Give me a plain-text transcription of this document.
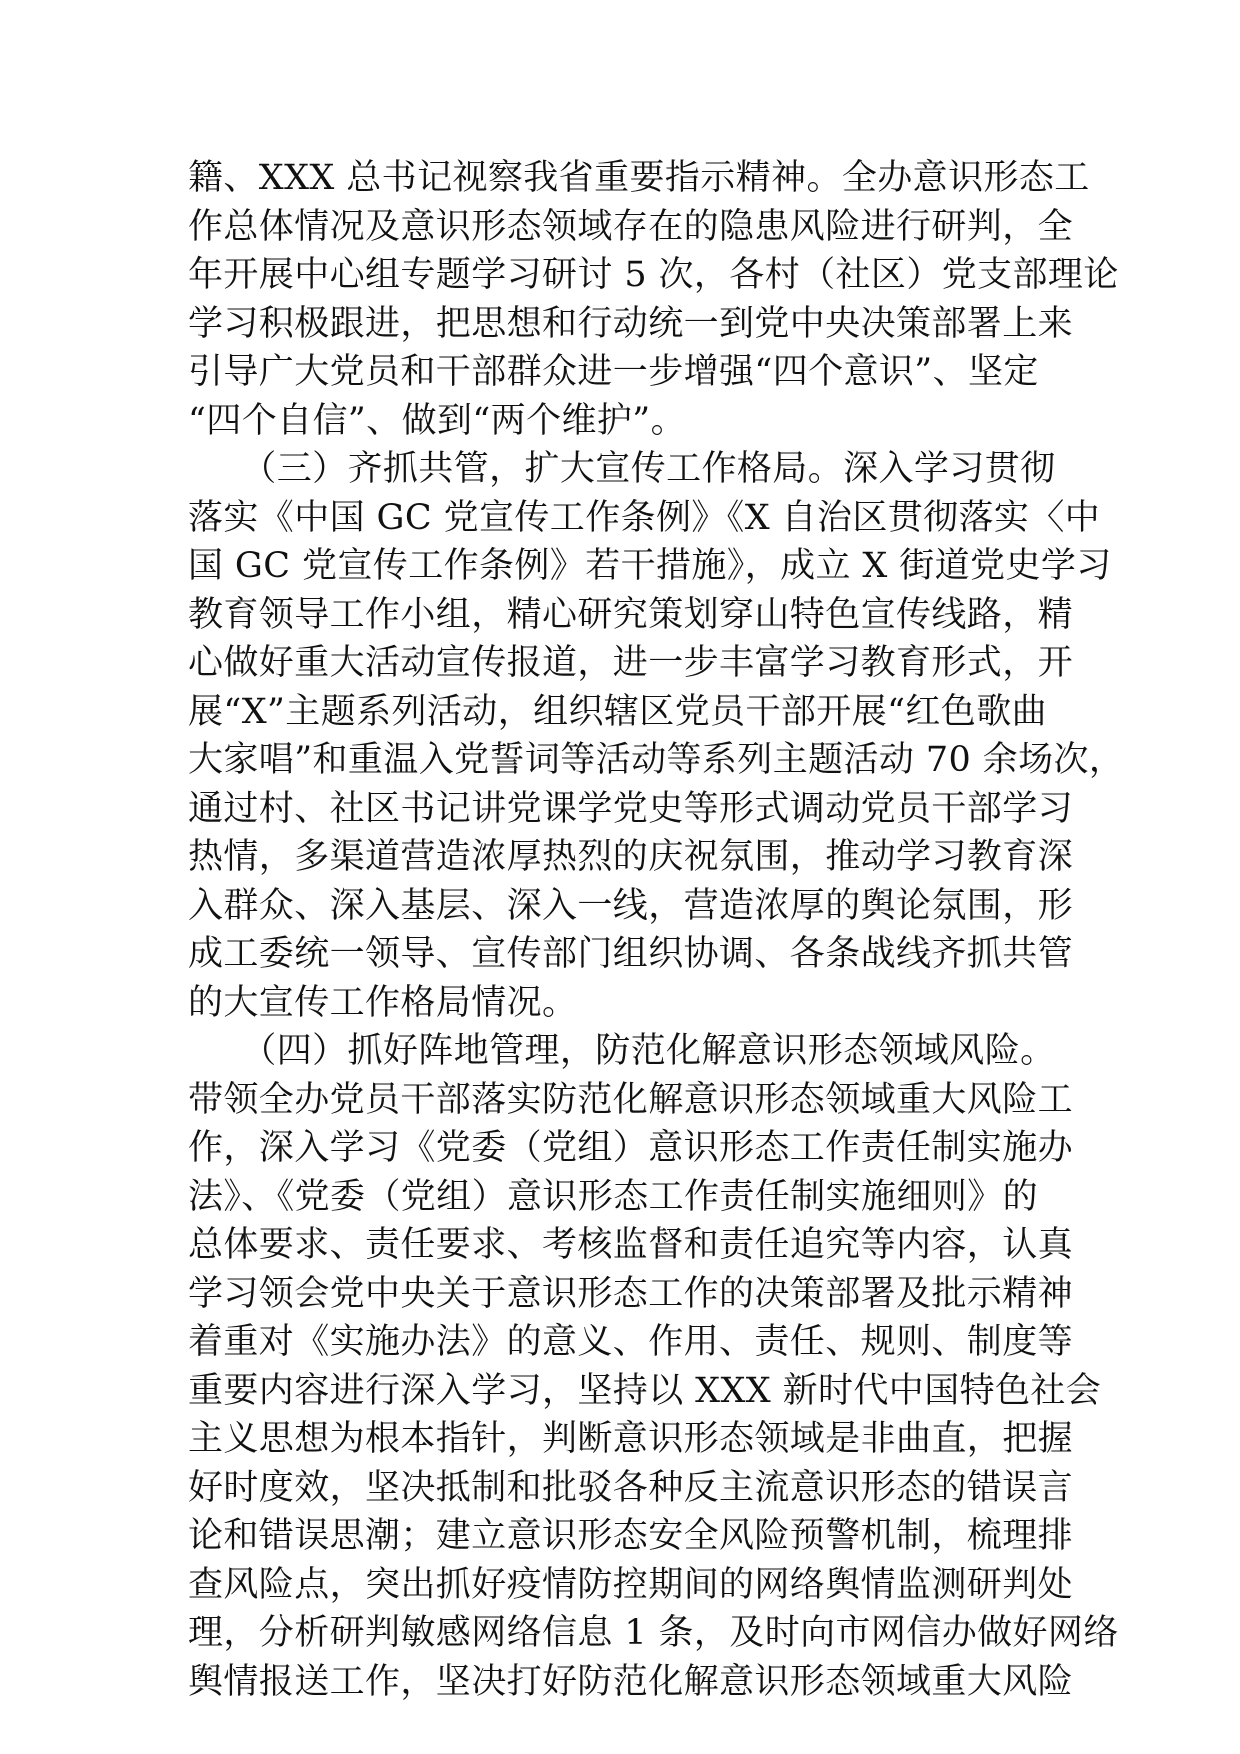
籍、XXX 总书记视察我省重要指示精神。全办意识形态工
作总体情况及意识形态领域存在的隐患风险进行研判，全
年开展中心组专题学习研讨 5 次，各村（社区）党支部理论
学习积极跟进，把思想和行动统一到党中央决策部署上来
引导广大党员和干部群众进一步增强“四个意识”、坚定
“四个自信”、做到“两个维护”。
　　（三）齐抓共管，扩大宣传工作格局。深入学习贯彻
落实《中国 GC 党宣传工作条例》《X 自治区贯彻落实〈中
国 GC 党宣传工作条例》若干措施》，成立 X 街道党史学习
教育领导工作小组，精心研究策划穿山特色宣传线路，精
心做好重大活动宣传报道，进一步丰富学习教育形式，开
展“X”主题系列活动，组织辖区党员干部开展“红色歌曲
大家唱”和重温入党誓词等活动等系列主题活动 70 余场次，
通过村、社区书记讲党课学党史等形式调动党员干部学习
热情，多渠道营造浓厚热烈的庆祝氛围，推动学习教育深
入群众、深入基层、深入一线，营造浓厚的舆论氛围，形
成工委统一领导、宣传部门组织协调、各条战线齐抓共管
的大宣传工作格局情况。
　　（四）抓好阵地管理，防范化解意识形态领域风险。
带领全办党员干部落实防范化解意识形态领域重大风险工
作，深入学习《党委（党组）意识形态工作责任制实施办
法》、《党委（党组）意识形态工作责任制实施细则》的
总体要求、责任要求、考核监督和责任追究等内容，认真
学习领会党中央关于意识形态工作的决策部署及批示精神
着重对《实施办法》的意义、作用、责任、规则、制度等
重要内容进行深入学习，坚持以 XXX 新时代中国特色社会
主义思想为根本指针，判断意识形态领域是非曲直，把握
好时度效，坚决抵制和批驳各种反主流意识形态的错误言
论和错误思潮；建立意识形态安全风险预警机制，梳理排
查风险点，突出抓好疫情防控期间的网络舆情监测研判处
理，分析研判敏感网络信息 1 条，及时向市网信办做好网络
舆情报送工作，坚决打好防范化解意识形态领域重大风险
